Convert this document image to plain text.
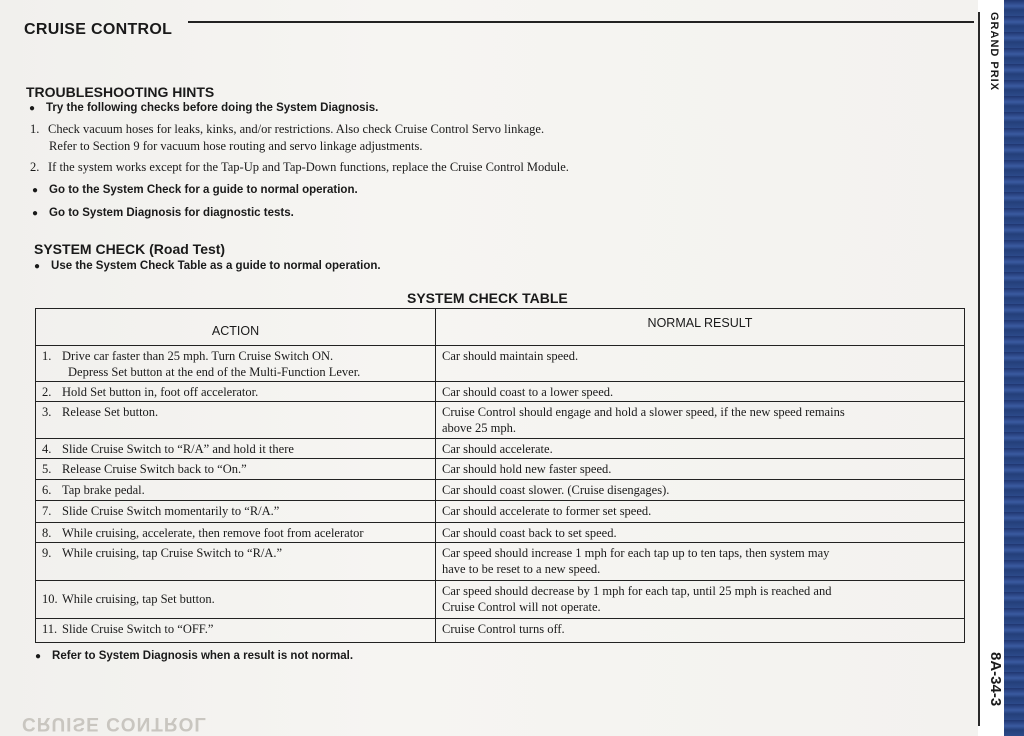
GRAND PRIX
8A-34-3
CRUISE CONTROL
TROUBLESHOOTING HINTS
● Try the following checks before doing the System Diagnosis.
1. Check vacuum hoses for leaks, kinks, and/or restrictions. Also check Cruise Control Servo linkage.
Refer to Section 9 for vacuum hose routing and servo linkage adjustments.
2. If the system works except for the Tap-Up and Tap-Down functions, replace the Cruise Control Module.
● Go to the System Check for a guide to normal operation.
● Go to System Diagnosis for diagnostic tests.
SYSTEM CHECK (Road Test)
● Use the System Check Table as a guide to normal operation.
SYSTEM CHECK TABLE
ACTION	NORMAL RESULT
1. Drive car faster than 25 mph. Turn Cruise Switch ON.
Depress Set button at the end of the Multi-Function Lever.	Car should maintain speed.
2. Hold Set button in, foot off accelerator.	Car should coast to a lower speed.
3. Release Set button.	Cruise Control should engage and hold a slower speed, if the new speed remains
above 25 mph.
4. Slide Cruise Switch to “R/A” and hold it there	Car should accelerate.
5. Release Cruise Switch back to “On.”	Car should hold new faster speed.
6. Tap brake pedal.	Car should coast slower. (Cruise disengages).
7. Slide Cruise Switch momentarily to “R/A.”	Car should accelerate to former set speed.
8. While cruising, accelerate, then remove foot from acelerator	Car should coast back to set speed.
9. While cruising, tap Cruise Switch to “R/A.”	Car speed should increase 1 mph for each tap up to ten taps, then system may
have to be reset to a new speed.
10. While cruising, tap Set button.	Car speed should decrease by 1 mph for each tap, until 25 mph is reached and
Cruise Control will not operate.
11. Slide Cruise Switch to “OFF.”	Cruise Control turns off.
● Refer to System Diagnosis when a result is not normal.
CRUISE CONTROL
